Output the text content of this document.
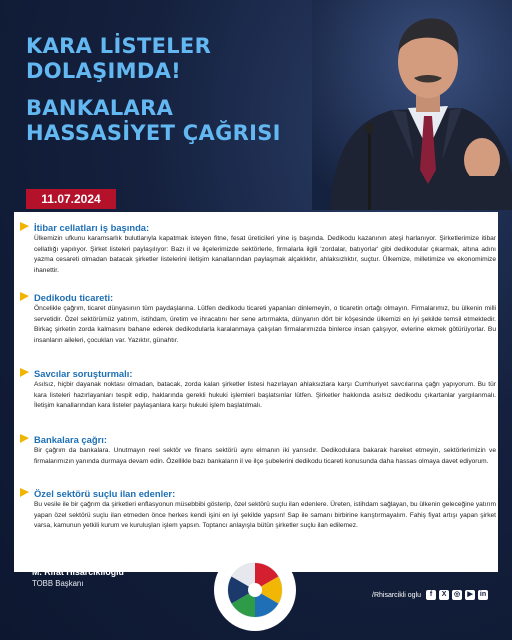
KARA LİSTELER
DOLAŞIMDA!
BANKALARA
HASSASİYET ÇAĞRISI
11.07.2024
İtibar cellatları iş başında:
Ülkemizin ufkunu karamsarlık bulutlarıyla kapatmak isteyen fitne, fesat üreticileri yine iş başında. Dedikodu kazanının ateşi harlanıyor. Şirketlerimize itibar cellatlığı yapılıyor. Şirket listeleri paylaşılıyor: Bazı il ve ilçelerimizde sektörlerle, firmalarla ilgili 'zordalar, batıyorlar' gibi dedikodular çıkarmak, altına adını yazma cesareti olmadan batacak şirketler listelerini iletişim kanallarından paylaşmak alçaklıktır, ahlaksızlıktır, suçtur. Ülkemize, milletimize ve ekonomimize ihanettir.
Dedikodu ticareti:
Öncelikle çağrım, ticaret dünyasının tüm paydaşlarına. Lütfen dedikodu ticareti yapanları dinlemeyin, o ticaretin ortağı olmayın. Firmalarımız, bu ülkenin milli servetidir. Özel sektörümüz yatırım, istihdam, üretim ve ihracatını her sene artırmakta, dünyanın dört bir köşesinde ülkemizi en iyi şekilde temsil etmektedir. Birkaç şirketin zorda kalmasını bahane ederek dedikodularla karalanmaya çalışılan firmalarımızda binlerce insan çalışıyor, evlerine ekmek götürüyorlar. Bu insanların aileleri, çocukları var. Yazıktır, günahtır.
Savcılar soruşturmalı:
Asılsız, hiçbir dayanak noktası olmadan, batacak, zorda kalan şirketler listesi hazırlayan ahlaksızlara karşı Cumhuriyet savcılarına çağrı yapıyorum. Bu tür kara listeleri hazırlayanları tespit edip, haklarında gerekli hukuki işlemleri başlatsınlar lütfen. Şirketler hakkında asılsız dedikodu çıkartanlar yargılanmalı. İletişim kanallarından kara listeler paylaşanlara karşı hukuki işlem başlatılmalı.
Bankalara çağrı:
Bir çağrım da bankalara. Unutmayın reel sektör ve finans sektörü aynı elmanın iki yarısıdır. Dedikodulara bakarak hareket etmeyin, sektörlerimizin ve firmalarımızın yanında durmaya devam edin. Özellikle bazı bankaların il ve ilçe şubelerini dedikodu ticareti konusunda daha hassas olmaya davet ediyorum.
Özel sektörü suçlu ilan edenler:
Bu vesile ile bir çağrım da şirketleri enflasyonun müsebbibi gösterip, özel sektörü suçlu ilan edenlere. Üreten, istihdam sağlayan, bu ülkenin geleceğine yatırım yapan özel sektörü suçlu ilan etmeden önce herkes kendi işini en iyi şekilde yapsın! Sap ile samanı birbirine karıştırmayalım. Fahiş fiyat artışı yapan şirket varsa, kamunun yetkili kurum ve kuruluşları işlem yapsın. Toptancı anlayışla bütün şirketler suçlu ilan edilemez.
M. Rifat Hisarcıklıoğlu
TOBB Başkanı
/Rhisarcikli oglu	f	X	◎	▶	in
